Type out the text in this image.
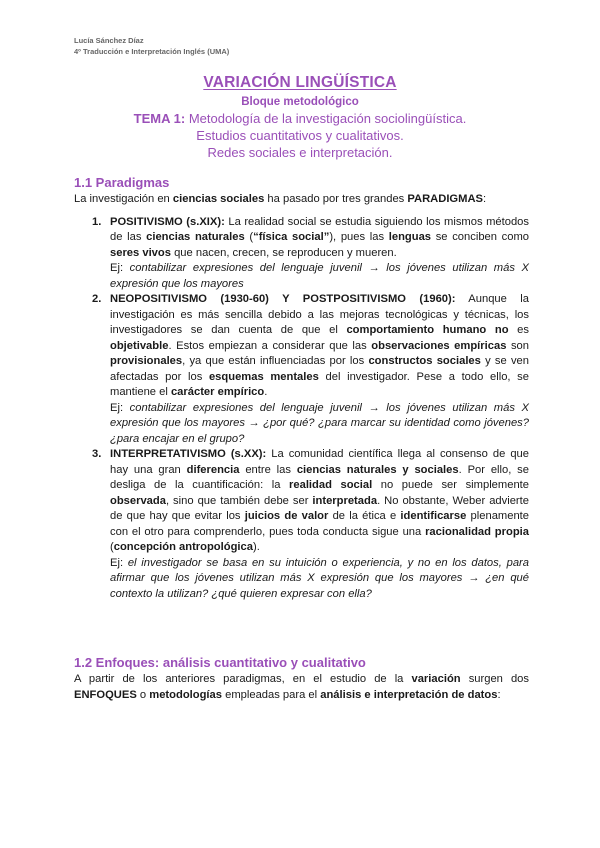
Lucía Sánchez Díaz
4º Traducción e Interpretación Inglés (UMA)
VARIACIÓN LINGÜÍSTICA
Bloque metodológico
TEMA 1: Metodología de la investigación sociolingüística.
Estudios cuantitativos y cualitativos.
Redes sociales e interpretación.
1.1 Paradigmas

La investigación en ciencias sociales ha pasado por tres grandes PARADIGMAS:

1. POSITIVISMO (s.XIX): La realidad social se estudia siguiendo los mismos métodos de las ciencias naturales (“física social”), pues las lenguas se conciben como seres vivos que nacen, crecen, se reproducen y mueren.
Ej: contabilizar expresiones del lenguaje juvenil → los jóvenes utilizan más X expresión que los mayores
2. NEOPOSITIVISMO (1930-60) Y POSTPOSITIVISMO (1960): Aunque la investigación es más sencilla debido a las mejoras tecnológicas y técnicas, los investigadores se dan cuenta de que el comportamiento humano no es objetivable. Estos empiezan a considerar que las observaciones empíricas son provisionales, ya que están influenciadas por los constructos sociales y se ven afectadas por los esquemas mentales del investigador. Pese a todo ello, se mantiene el carácter empírico.
Ej: contabilizar expresiones del lenguaje juvenil → los jóvenes utilizan más X expresión que los mayores → ¿por qué? ¿para marcar su identidad como jóvenes? ¿para encajar en el grupo?
3. INTERPRETATIVISMO (s.XX): La comunidad científica llega al consenso de que hay una gran diferencia entre las ciencias naturales y sociales. Por ello, se desliga de la cuantificación: la realidad social no puede ser simplemente observada, sino que también debe ser interpretada. No obstante, Weber advierte de que hay que evitar los juicios de valor de la ética e identificarse plenamente con el otro para comprenderlo, pues toda conducta sigue una racionalidad propia (concepción antropológica).
Ej: el investigador se basa en su intuición o experiencia, y no en los datos, para afirmar que los jóvenes utilizan más X expresión que los mayores → ¿en qué contexto la utilizan? ¿qué quieren expresar con ella?
1.2 Enfoques: análisis cuantitativo y cualitativo

A partir de los anteriores paradigmas, en el estudio de la variación surgen dos ENFOQUES o metodologías empleadas para el análisis e interpretación de datos:
